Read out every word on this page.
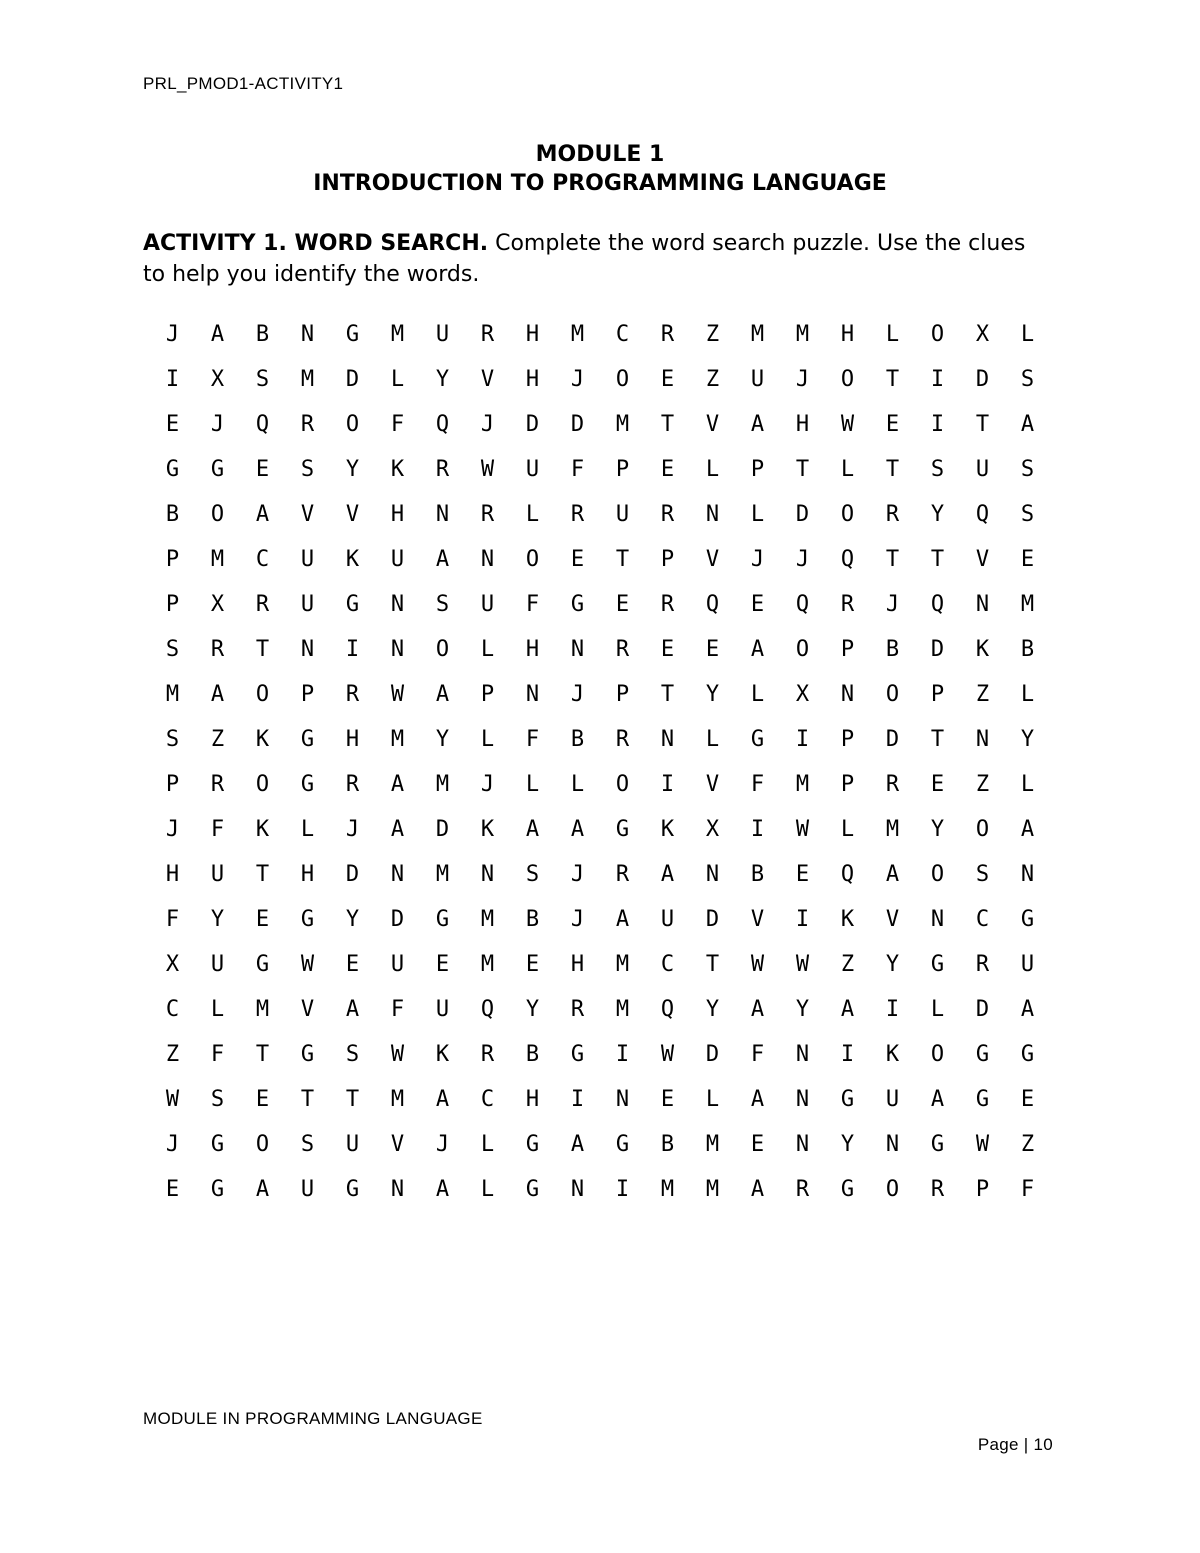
PRL_PMOD1-ACTIVITY1
MODULE 1
INTRODUCTION TO PROGRAMMING LANGUAGE
ACTIVITY 1. WORD SEARCH. Complete the word search puzzle. Use the clues to help you identify the words.
J	A	B	N	G	M	U	R	H	M	C	R	Z	M	M	H	L	O	X	L
I	X	S	M	D	L	Y	V	H	J	O	E	Z	U	J	O	T	I	D	S
E	J	Q	R	O	F	Q	J	D	D	M	T	V	A	H	W	E	I	T	A
G	G	E	S	Y	K	R	W	U	F	P	E	L	P	T	L	T	S	U	S
B	O	A	V	V	H	N	R	L	R	U	R	N	L	D	O	R	Y	Q	S
P	M	C	U	K	U	A	N	O	E	T	P	V	J	J	Q	T	T	V	E
P	X	R	U	G	N	S	U	F	G	E	R	Q	E	Q	R	J	Q	N	M
S	R	T	N	I	N	O	L	H	N	R	E	E	A	O	P	B	D	K	B
M	A	O	P	R	W	A	P	N	J	P	T	Y	L	X	N	O	P	Z	L
S	Z	K	G	H	M	Y	L	F	B	R	N	L	G	I	P	D	T	N	Y
P	R	O	G	R	A	M	J	L	L	O	I	V	F	M	P	R	E	Z	L
J	F	K	L	J	A	D	K	A	A	G	K	X	I	W	L	M	Y	O	A
H	U	T	H	D	N	M	N	S	J	R	A	N	B	E	Q	A	O	S	N
F	Y	E	G	Y	D	G	M	B	J	A	U	D	V	I	K	V	N	C	G
X	U	G	W	E	U	E	M	E	H	M	C	T	W	W	Z	Y	G	R	U
C	L	M	V	A	F	U	Q	Y	R	M	Q	Y	A	Y	A	I	L	D	A
Z	F	T	G	S	W	K	R	B	G	I	W	D	F	N	I	K	O	G	G
W	S	E	T	T	M	A	C	H	I	N	E	L	A	N	G	U	A	G	E
J	G	O	S	U	V	J	L	G	A	G	B	M	E	N	Y	N	G	W	Z
E	G	A	U	G	N	A	L	G	N	I	M	M	A	R	G	O	R	P	F
MODULE IN PROGRAMMING LANGUAGE
Page | 10
